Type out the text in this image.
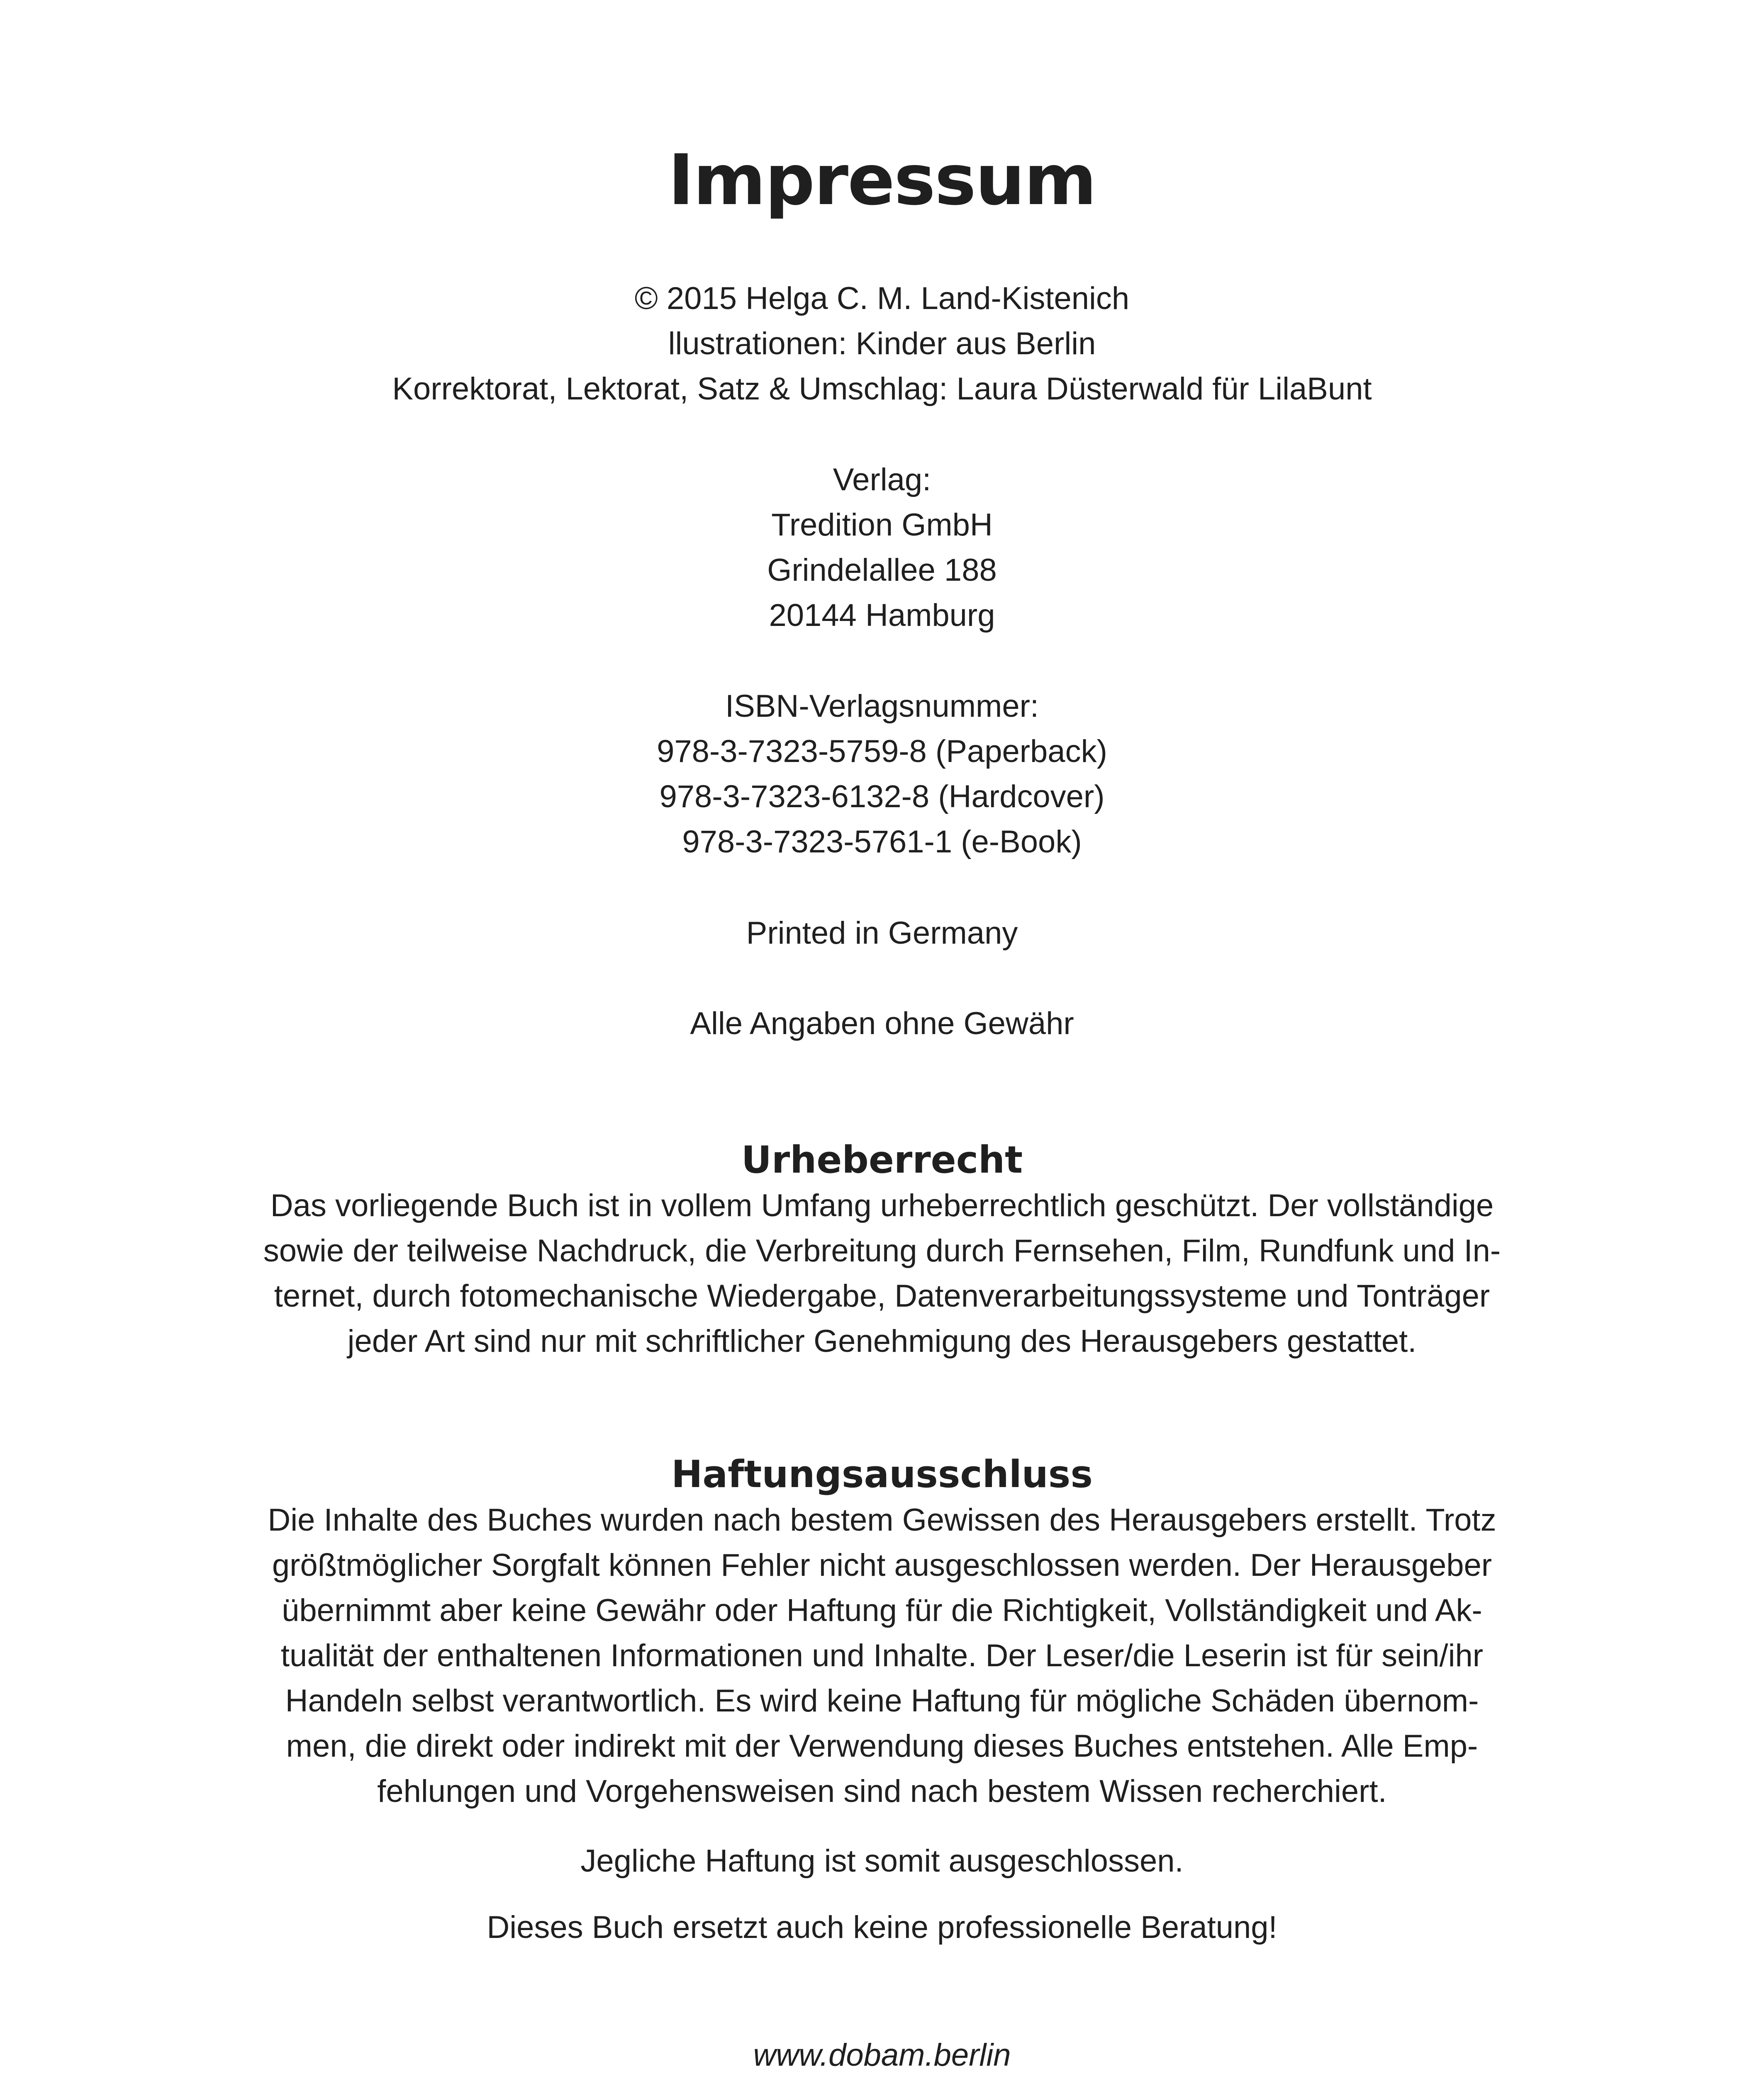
Impressum
© 2015 Helga C. M. Land-Kistenich
llustrationen: Kinder aus Berlin
Korrektorat, Lektorat, Satz & Umschlag: Laura Düsterwald für LilaBunt
Verlag:
Tredition GmbH
Grindelallee 188
20144 Hamburg
ISBN-Verlagsnummer:
978-3-7323-5759-8 (Paperback)
978-3-7323-6132-8 (Hardcover)
978-3-7323-5761-1 (e-Book)
Printed in Germany
Alle Angaben ohne Gewähr
Urheberrecht
Das vorliegende Buch ist in vollem Umfang urheberrechtlich geschützt. Der vollständige
sowie der teilweise Nachdruck, die Verbreitung durch Fernsehen, Film, Rundfunk und In-
ternet, durch fotomechanische Wiedergabe, Datenverarbeitungssysteme und Tonträger
jeder Art sind nur mit schriftlicher Genehmigung des Herausgebers gestattet.
Haftungsausschluss
Die Inhalte des Buches wurden nach bestem Gewissen des Herausgebers erstellt. Trotz
größtmöglicher Sorgfalt können Fehler nicht ausgeschlossen werden. Der Herausgeber
übernimmt aber keine Gewähr oder Haftung für die Richtigkeit, Vollständigkeit und Ak-
tualität der enthaltenen Informationen und Inhalte. Der Leser/die Leserin ist für sein/ihr
Handeln selbst verantwortlich. Es wird keine Haftung für mögliche Schäden übernom-
men, die direkt oder indirekt mit der Verwendung dieses Buches entstehen. Alle Emp-
fehlungen und Vorgehensweisen sind nach bestem Wissen recherchiert.
Jegliche Haftung ist somit ausgeschlossen.
Dieses Buch ersetzt auch keine professionelle Beratung!
www.dobam.berlin
